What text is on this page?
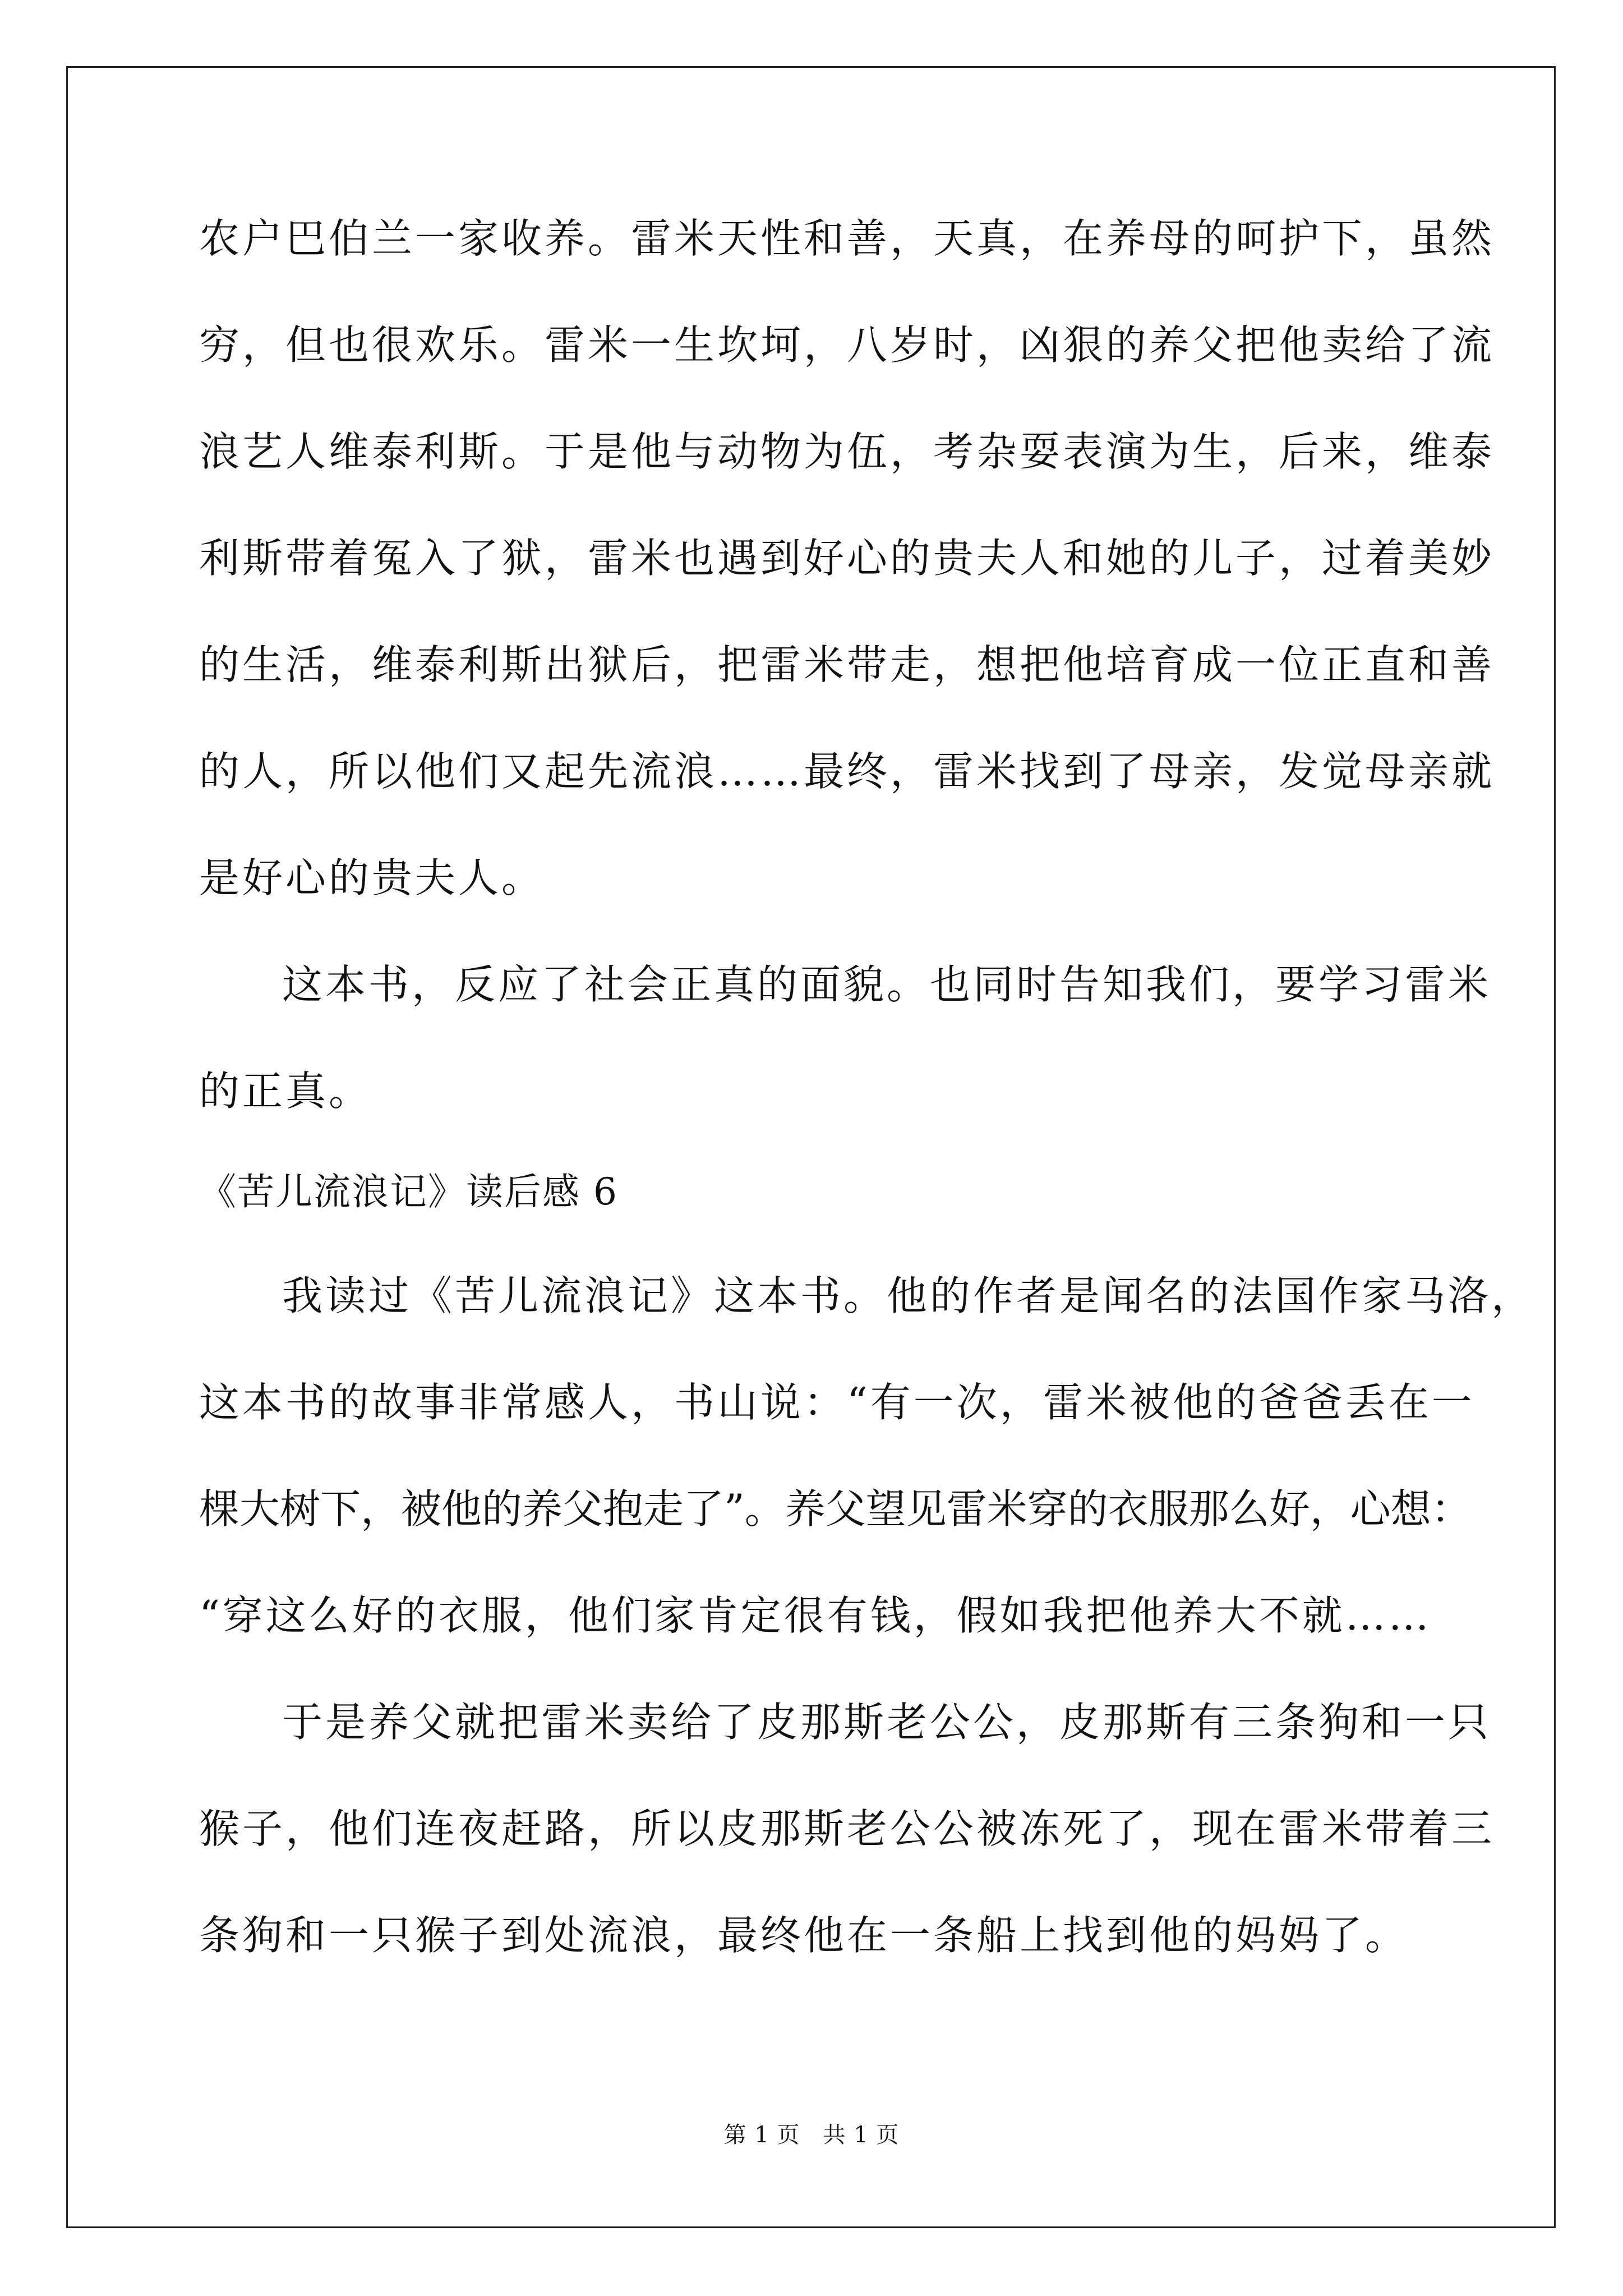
农户巴伯兰一家收养。雷米天性和善，天真，在养母的呵护下，虽然
穷，但也很欢乐。雷米一生坎坷，八岁时，凶狠的养父把他卖给了流
浪艺人维泰利斯。于是他与动物为伍，考杂耍表演为生，后来，维泰
利斯带着冤入了狱，雷米也遇到好心的贵夫人和她的儿子，过着美妙
的生活，维泰利斯出狱后，把雷米带走，想把他培育成一位正直和善
的人，所以他们又起先流浪……最终，雷米找到了母亲，发觉母亲就
是好心的贵夫人。
这本书，反应了社会正真的面貌。也同时告知我们，要学习雷米
的正真。
《苦儿流浪记》读后感 6
我读过《苦儿流浪记》这本书。他的作者是闻名的法国作家马洛，
这本书的故事非常感人，书山说：“有一次，雷米被他的爸爸丢在一
棵大树下，被他的养父抱走了”。养父望见雷米穿的衣服那么好，心想：
“穿这么好的衣服，他们家肯定很有钱，假如我把他养大不就……
于是养父就把雷米卖给了皮那斯老公公，皮那斯有三条狗和一只
猴子，他们连夜赶路，所以皮那斯老公公被冻死了，现在雷米带着三
条狗和一只猴子到处流浪，最终他在一条船上找到他的妈妈了。
第 1 页　共 1 页
